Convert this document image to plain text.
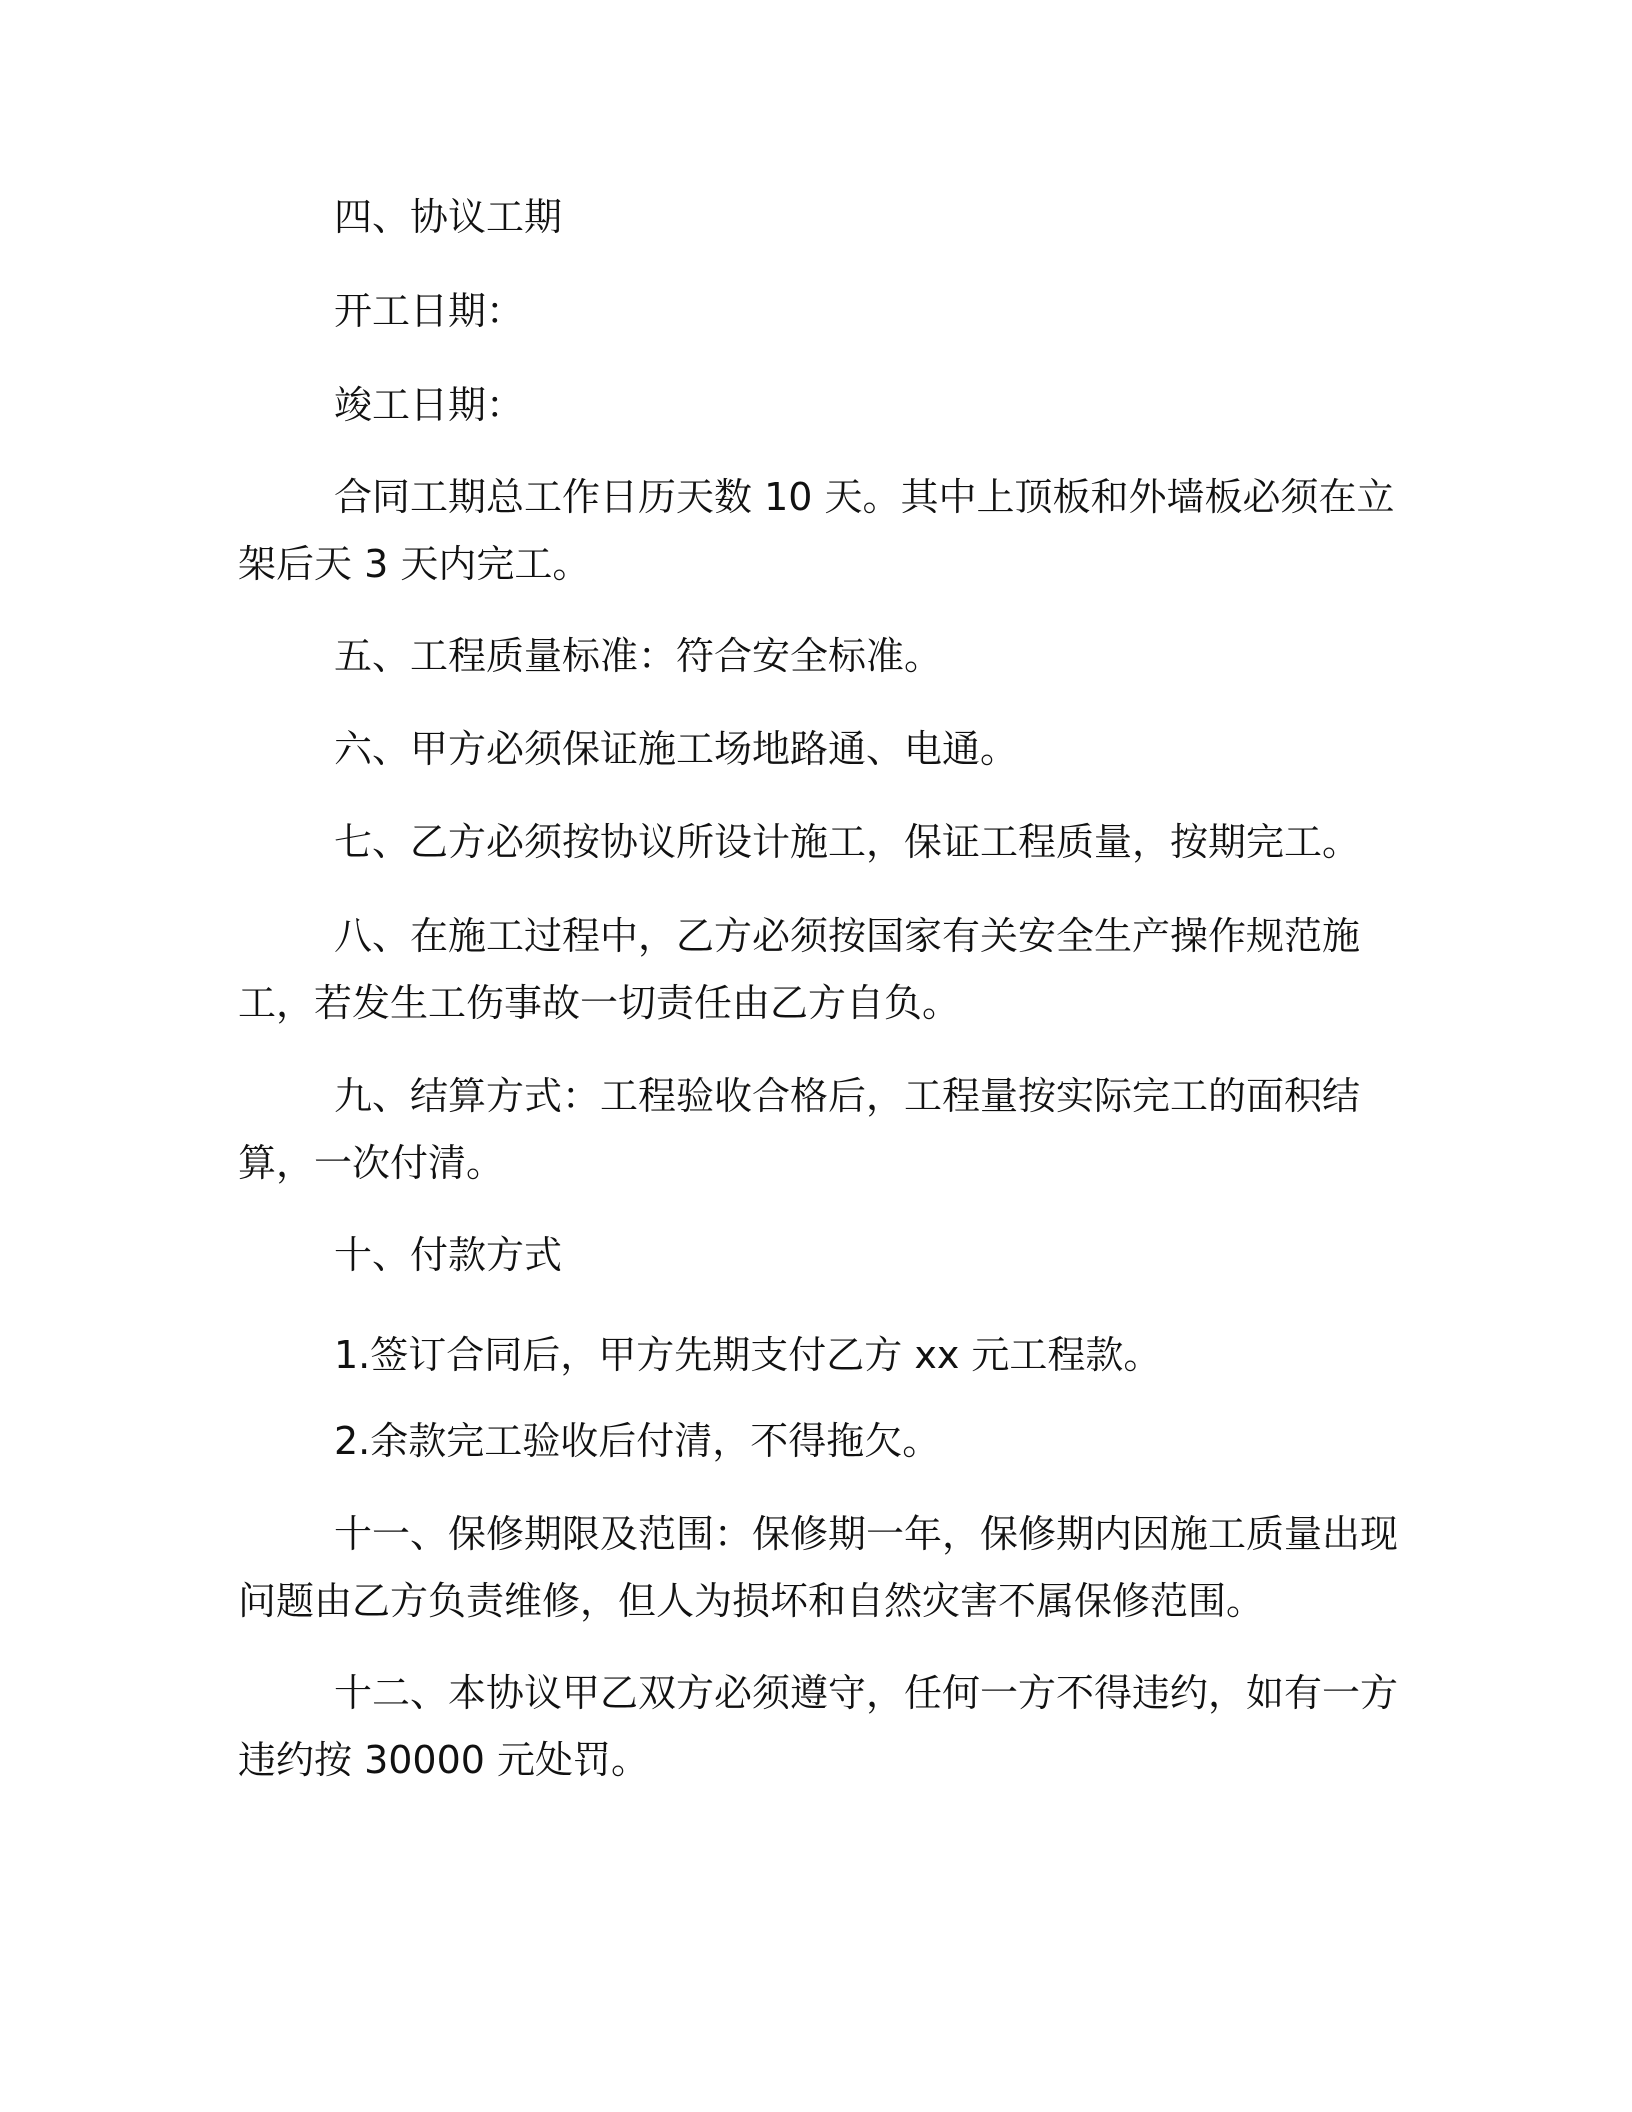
四、协议工期

开工日期：

竣工日期：

合同工期总工作日历天数 10 天。其中上顶板和外墙板必须在立架后天 3 天内完工。

五、工程质量标准：符合安全标准。

六、甲方必须保证施工场地路通、电通。

七、乙方必须按协议所设计施工，保证工程质量，按期完工。

八、在施工过程中，乙方必须按国家有关安全生产操作规范施工，若发生工伤事故一切责任由乙方自负。

九、结算方式：工程验收合格后，工程量按实际完工的面积结算，一次付清。

十、付款方式

1.签订合同后，甲方先期支付乙方 xx 元工程款。

2.余款完工验收后付清，不得拖欠。

十一、保修期限及范围：保修期一年，保修期内因施工质量出现问题由乙方负责维修，但人为损坏和自然灾害不属保修范围。

十二、本协议甲乙双方必须遵守，任何一方不得违约，如有一方违约按 30000 元处罚。
